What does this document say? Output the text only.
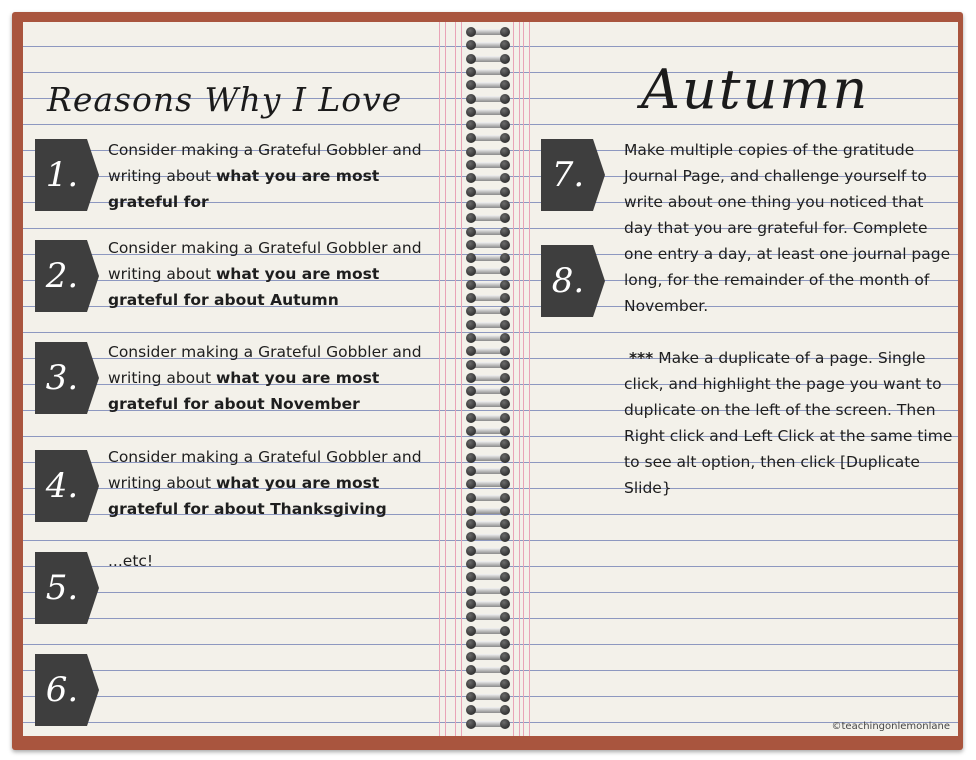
Reasons Why I Love
1.
Consider making a Grateful Gobbler and writing about what you are most grateful for
2.
Consider making a Grateful Gobbler and writing about what you are most grateful for about Autumn
3.
Consider making a Grateful Gobbler and writing about what you are most grateful for about November
4.
Consider making a Grateful Gobbler and writing about what you are most grateful for about Thanksgiving
5.
...etc!
6.
Autumn
7.
Make multiple copies of the gratitude Journal Page, and challenge yourself to write about one thing you noticed that day that you are grateful for. Complete one entry a day, at least one journal page long, for the remainder of the month of November.
8.
*** Make a duplicate of a page. Single click, and highlight the page you want to duplicate on the left of the screen. Then Right click and Left Click at the same time to see alt option, then click [Duplicate Slide}
©teachingonlemonlane
